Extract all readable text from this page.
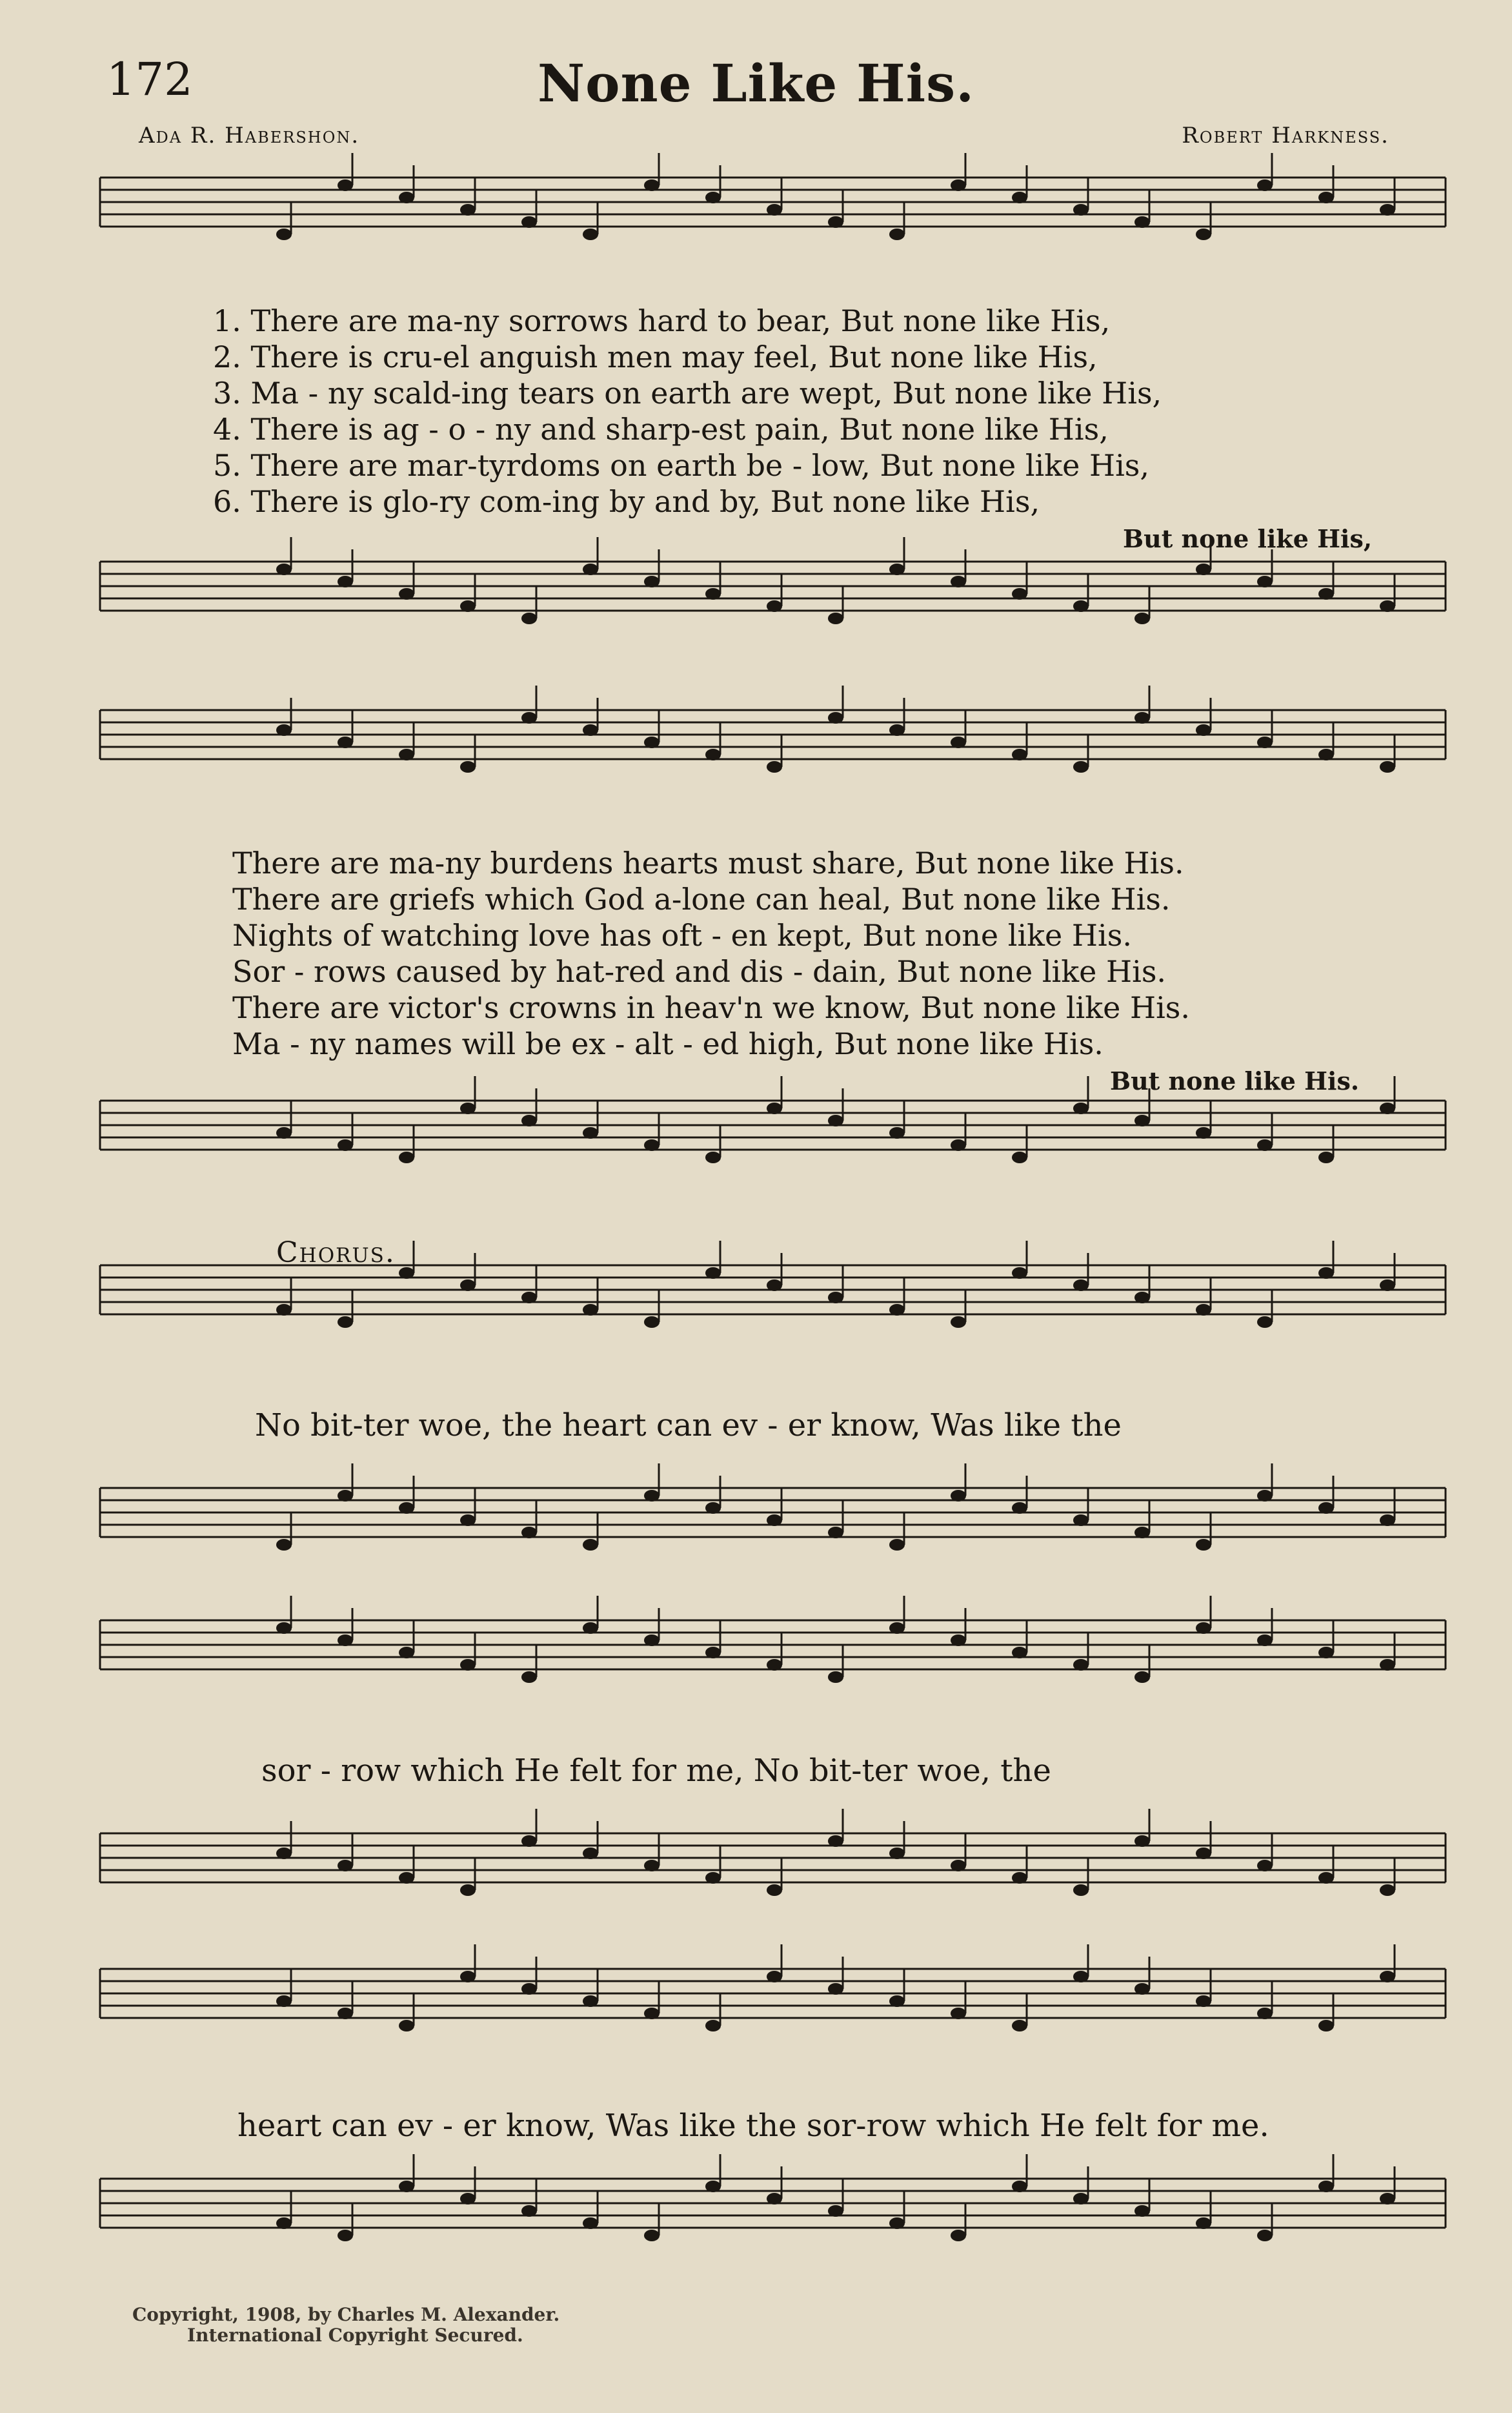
172	None Like His.
Ada R. Habershon.	Robert Harkness.
1. There are ma-ny sorrows hard to bear, But none like His,
2. There is cru-el anguish men may feel, But none like His,
3. Ma - ny scald-ing tears on earth are wept, But none like His,
4. There is ag - o - ny and sharp-est pain, But none like His,
5. There are mar-tyrdoms on earth be - low, But none like His,
6. There is glo-ry com-ing by and by, But none like His,
But none like His,
There are ma-ny burdens hearts must share, But none like His.
There are griefs which God a-lone can heal, But none like His.
Nights of watching love has oft - en kept, But none like His.
Sor - rows caused by hat-red and dis - dain, But none like His.
There are victor's crowns in heav'n we know, But none like His.
Ma - ny names will be ex - alt - ed high, But none like His.
But none like His.
Chorus.
No bit-ter woe, the heart can ev - er know, Was like the
sor - row which He felt for me, No bit-ter woe, the
heart can ev - er know, Was like the sor-row which He felt for me.
Copyright, 1908, by Charles M. Alexander.
International Copyright Secured.
